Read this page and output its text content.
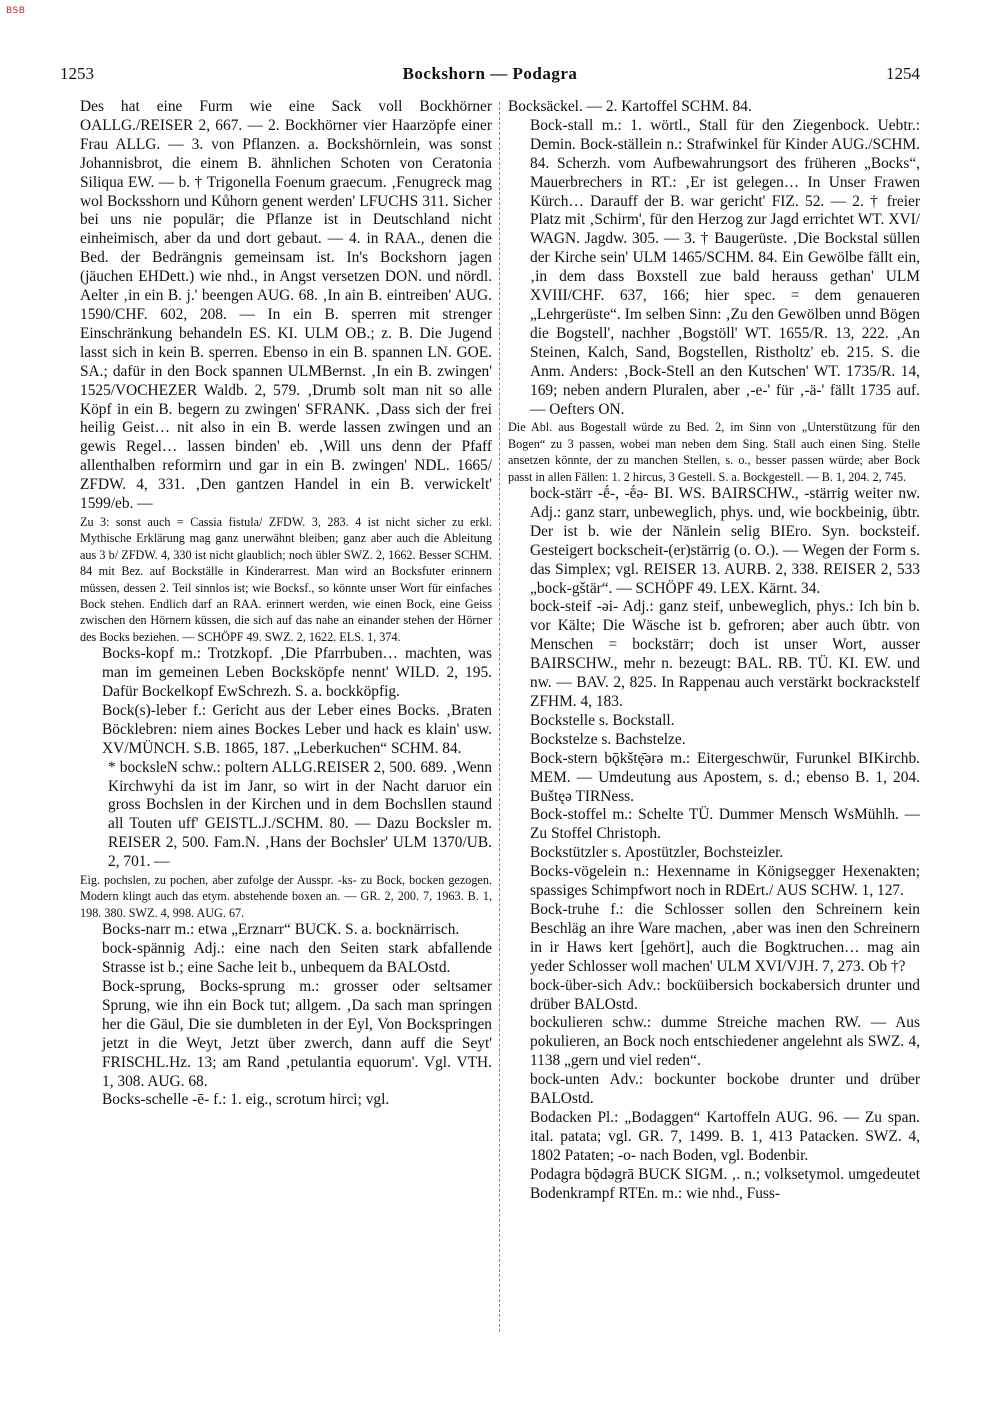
BSB
1253	Bockshorn — Podagra	1254

Des hat eine Furm wie eine Sack voll Bockhörner OALLG./REISER 2, 667. — 2. Bockhörner vier Haarzöpfe einer Frau ALLG. — 3. von Pflanzen. a. Bockshörnlein, was sonst Johannisbrot, die einem B. ähnlichen Schoten von Ceratonia Siliqua EW. — b. † Trigonella Foenum graecum. ‚Fenugreck mag wol Bocksshorn und Kůhorn genent werden' LFUCHS 311. Sicher bei uns nie populär; die Pflanze ist in Deutschland nicht einheimisch, aber da und dort gebaut. — 4. in RAA., denen die Bed. der Bedrängnis gemeinsam ist. In's Bockshorn jagen (jäuchen EHDett.) wie nhd., in Angst versetzen DON. und nördl. Aelter ‚in ein B. j.' beengen AUG. 68. ‚In ain B. eintreiben' AUG. 1590/CHF. 602, 208. — In ein B. sperren mit strenger Einschränkung behandeln ES. KI. ULM OB.; z. B. Die Jugend lasst sich in kein B. sperren. Ebenso in ein B. spannen LN. GOE. SA.; dafür in den Bock spannen ULMBernst. ‚In ein B. zwingen' 1525/VOCHEZER Waldb. 2, 579. ‚Drumb solt man nit so alle Köpf in ein B. begern zu zwingen' SFRANK. ‚Dass sich der frei heilig Geist… nit also in ein B. werde lassen zwingen und an gewis Regel… lassen binden' eb. ‚Will uns denn der Pfaff allenthalben reformirn und gar in ein B. zwingen' NDL. 1665/ ZFDW. 4, 331. ‚Den gantzen Handel in ein B. verwickelt' 1599/eb. —

Zu 3: sonst auch = Cassia fistula/ ZFDW. 3, 283. 4 ist nicht sicher zu erkl. Mythische Erklärung mag ganz unerwähnt bleiben; ganz aber auch die Ableitung aus 3 b/ ZFDW. 4, 330 ist nicht glaublich; noch übler SWZ. 2, 1662. Besser SCHM. 84 mit Bez. auf Bockställe in Kinderarrest. Man wird an Bocksfuter erinnern müssen, dessen 2. Teil sinnlos ist; wie Bocksf., so könnte unser Wort für einfaches Bock stehen. Endlich darf an RAA. erinnert werden, wie einen Bock, eine Geiss zwischen den Hörnern küssen, die sich auf das nahe an einander stehen der Hörner des Bocks beziehen. — SCHÖPF 49. SWZ. 2, 1622. ELS. 1, 374.

Bocks-kopf m.: Trotzkopf. ‚Die Pfarrbuben… machten, was man im gemeinen Leben Bocksköpfe nennt' WILD. 2, 195. Dafür Bockelkopf EwSchrezh. S. a. bockköpfig.

Bock(s)-leber f.: Gericht aus der Leber eines Bocks. ‚Braten Böcklebren: niem aines Bockes Leber und hack es klain' usw. XV/MÜNCH. S.B. 1865, 187. „Leberkuchen“ SCHM. 84.

* bocksleN schw.: poltern ALLG.REISER 2, 500. 689. ‚Wenn Kirchwyhi da ist im Janr, so wirt in der Nacht daruor ein gross Bochslen in der Kirchen und in dem Bochsllen staund all Touten uff' GEISTL.J./SCHM. 80. — Dazu Bocksler m. REISER 2, 500. Fam.N. ‚Hans der Bochsler' ULM 1370/UB. 2, 701. —

Eig. pochslen, zu pochen, aber zufolge der Ausspr. -ks- zu Bock, bocken gezogen. Modern klingt auch das etym. abstehende boxen an. — GR. 2, 200. 7, 1963. B. 1, 198. 380. SWZ. 4, 998. AUG. 67.

Bocks-narr m.: etwa „Erznarr“ BUCK. S. a. bocknärrisch.

bock-spännig Adj.: eine nach den Seiten stark abfallende Strasse ist b.; eine Sache leit b., unbequem da BALOstd.

Bock-sprung, Bocks-sprung m.: grosser oder seltsamer Sprung, wie ihn ein Bock tut; allgem. ‚Da sach man springen her die Gäul, Die sie dumbleten in der Eyl, Von Bockspringen jetzt in die Weyt, Jetzt über zwerch, dann auff die Seyt' FRISCHL.Hz. 13; am Rand ‚petulantia equorum'. Vgl. VTH. 1, 308. AUG. 68.

Bocks-schelle -ē- f.: 1. eig., scrotum hirci; vgl.

Bocksäckel. — 2. Kartoffel SCHM. 84.

Bock-stall m.: 1. wörtl., Stall für den Ziegenbock. Uebtr.: Demin. Bock-ställein n.: Strafwinkel für Kinder AUG./SCHM. 84. Scherzh. vom Aufbewahrungsort des früheren „Bocks“, Mauerbrechers in RT.: ‚Er ist gelegen… In Unser Frawen Kürch… Darauff der B. war gericht' FIZ. 52. — 2. † freier Platz mit ‚Schirm', für den Herzog zur Jagd errichtet WT. XVI/ WAGN. Jagdw. 305. — 3. † Baugerüste. ‚Die Bockstal süllen der Kirche sein' ULM 1465/SCHM. 84. Ein Gewölbe fällt ein, ‚in dem dass Boxstell zue bald herauss gethan' ULM XVIII/CHF. 637, 166; hier spec. = dem genaueren „Lehrgerüste“. Im selben Sinn: ‚Zu den Gewölben unnd Bögen die Bogstell', nachher ‚Bogstöll' WT. 1655/R. 13, 222. ‚An Steinen, Kalch, Sand, Bogstellen, Ristholtz' eb. 215. S. die Anm. Anders: ‚Bock-Stell an den Kutschen' WT. 1735/R. 14, 169; neben andern Pluralen, aber ‚-e-' für ‚-ä-' fällt 1735 auf. — Oefters ON.

Die Abl. aus Bogestall würde zu Bed. 2, im Sinn von „Unterstützung für den Bogen“ zu 3 passen, wobei man neben dem Sing. Stall auch einen Sing. Stelle ansetzen könnte, der zu manchen Stellen, s. o., besser passen würde; aber Bock passt in allen Fällen: 1. 2 hircus, 3 Gestell. S. a. Bockgestell. — B. 1, 204. 2, 745.

bock-stärr -ḗ-, -ḗə- BI. WS. BAIRSCHW., -stärrig weiter nw. Adj.: ganz starr, unbeweglich, phys. und, wie bockbeinig, übtr. Der ist b. wie der Nänlein selig BIEro. Syn. bocksteif. Gesteigert bockscheit-(er)stärrig (o. O.). — Wegen der Form s. das Simplex; vgl. REISER 13. AURB. 2, 338. REISER 2, 533 „bock-gštär“. — SCHÖPF 49. LEX. Kärnt. 34.

bock-steif -əi- Adj.: ganz steif, unbeweglich, phys.: Ich bin b. vor Kälte; Die Wäsche ist b. gefroren; aber auch übtr. von Menschen = bockstärr; doch ist unser Wort, ausser BAIRSCHW., mehr n. bezeugt: BAL. RB. TÜ. KI. EW. und nw. — BAV. 2, 825. In Rappenau auch verstärkt bockrackstelf ZFHM. 4, 183.

Bockstelle s. Bockstall.

Bockstelze s. Bachstelze.

Bock-stern bǭkštę̄ərə m.: Eitergeschwür, Furunkel BIKirchb. MEM. — Umdeutung aus Apostem, s. d.; ebenso B. 1, 204. Buštęə TIRNess.

Bock-stoffel m.: Schelte TÜ. Dummer Mensch WsMühlh. — Zu Stoffel Christoph.

Bockstützler s. Apostützler, Bochsteizler.

Bocks-vögelein n.: Hexenname in Königsegger Hexenakten; spassiges Schimpfwort noch in RDErt./ AUS SCHW. 1, 127.

Bock-truhe f.: die Schlosser sollen den Schreinern kein Beschläg an ihre Ware machen, ‚aber was inen den Schreinern in ir Haws kert [gehört], auch die Bogktruchen… mag ain yeder Schlosser woll machen' ULM XVI/VJH. 7, 273. Ob †?

bock-über-sich Adv.: bocküibersich bockabersich drunter und drüber BALOstd.

bockulieren schw.: dumme Streiche machen RW. — Aus pokulieren, an Bock noch entschiedener angelehnt als SWZ. 4, 1138 „gern und viel reden“.

bock-unten Adv.: bockunter bockobe drunter und drüber BALOstd.

Bodacken Pl.: „Bodaggen“ Kartoffeln AUG. 96. — Zu span. ital. patata; vgl. GR. 7, 1499. B. 1, 413 Patacken. SWZ. 4, 1802 Pataten; -o- nach Boden, vgl. Bodenbir.

Podagra bǭdəgrā BUCK SIGM. ‚. n.; volksetymol. umgedeutet Bodenkrampf RTEn. m.: wie nhd., Fuss-
